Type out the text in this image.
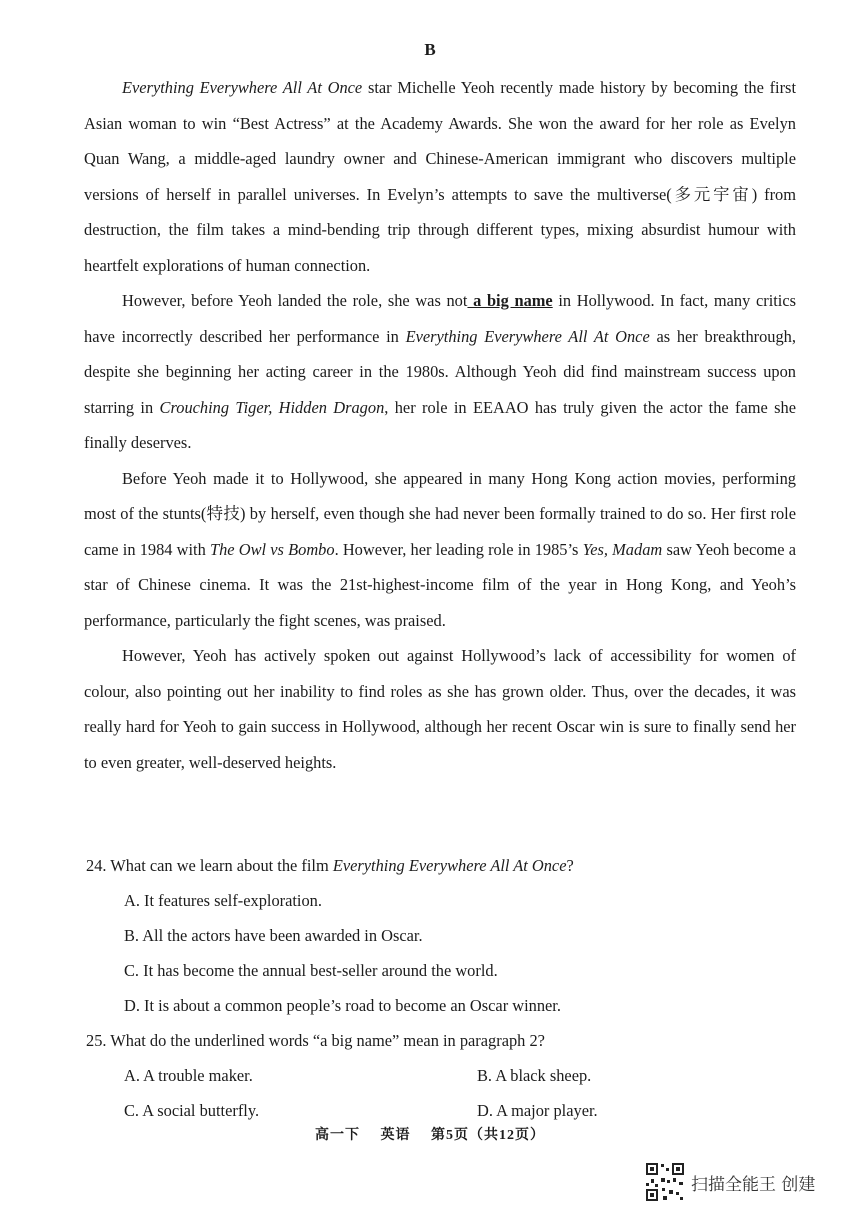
B

Everything Everywhere All At Once star Michelle Yeoh recently made history by becoming the first Asian woman to win “Best Actress” at the Academy Awards. She won the award for her role as Evelyn Quan Wang, a middle-aged laundry owner and Chinese-American immigrant who discovers multiple versions of herself in parallel universes. In Evelyn’s attempts to save the multiverse(多元宇宙) from destruction, the film takes a mind-bending trip through different types, mixing absurdist humour with heartfelt explorations of human connection.

However, before Yeoh landed the role, she was not a big name in Hollywood. In fact, many critics have incorrectly described her performance in Everything Everywhere All At Once as her breakthrough, despite she beginning her acting career in the 1980s. Although Yeoh did find mainstream success upon starring in Crouching Tiger, Hidden Dragon, her role in EEAAO has truly given the actor the fame she finally deserves.

Before Yeoh made it to Hollywood, she appeared in many Hong Kong action movies, performing most of the stunts(特技) by herself, even though she had never been formally trained to do so. Her first role came in 1984 with The Owl vs Bombo. However, her leading role in 1985’s Yes, Madam saw Yeoh become a star of Chinese cinema. It was the 21st-highest-income film of the year in Hong Kong, and Yeoh’s performance, particularly the fight scenes, was praised.

However, Yeoh has actively spoken out against Hollywood’s lack of accessibility for women of colour, also pointing out her inability to find roles as she has grown older. Thus, over the decades, it was really hard for Yeoh to gain success in Hollywood, although her recent Oscar win is sure to finally send her to even greater, well-deserved heights.

24. What can we learn about the film Everything Everywhere All At Once?

A. It features self-exploration.

B. All the actors have been awarded in Oscar.

C. It has become the annual best-seller around the world.

D. It is about a common people’s road to become an Oscar winner.

25. What do the underlined words “a big name” mean in paragraph 2?

A. A trouble maker.	B. A black sheep.
C. A social butterfly.	D. A major player.
高一下 英语 第5页（共12页）
扫描全能王 创建
